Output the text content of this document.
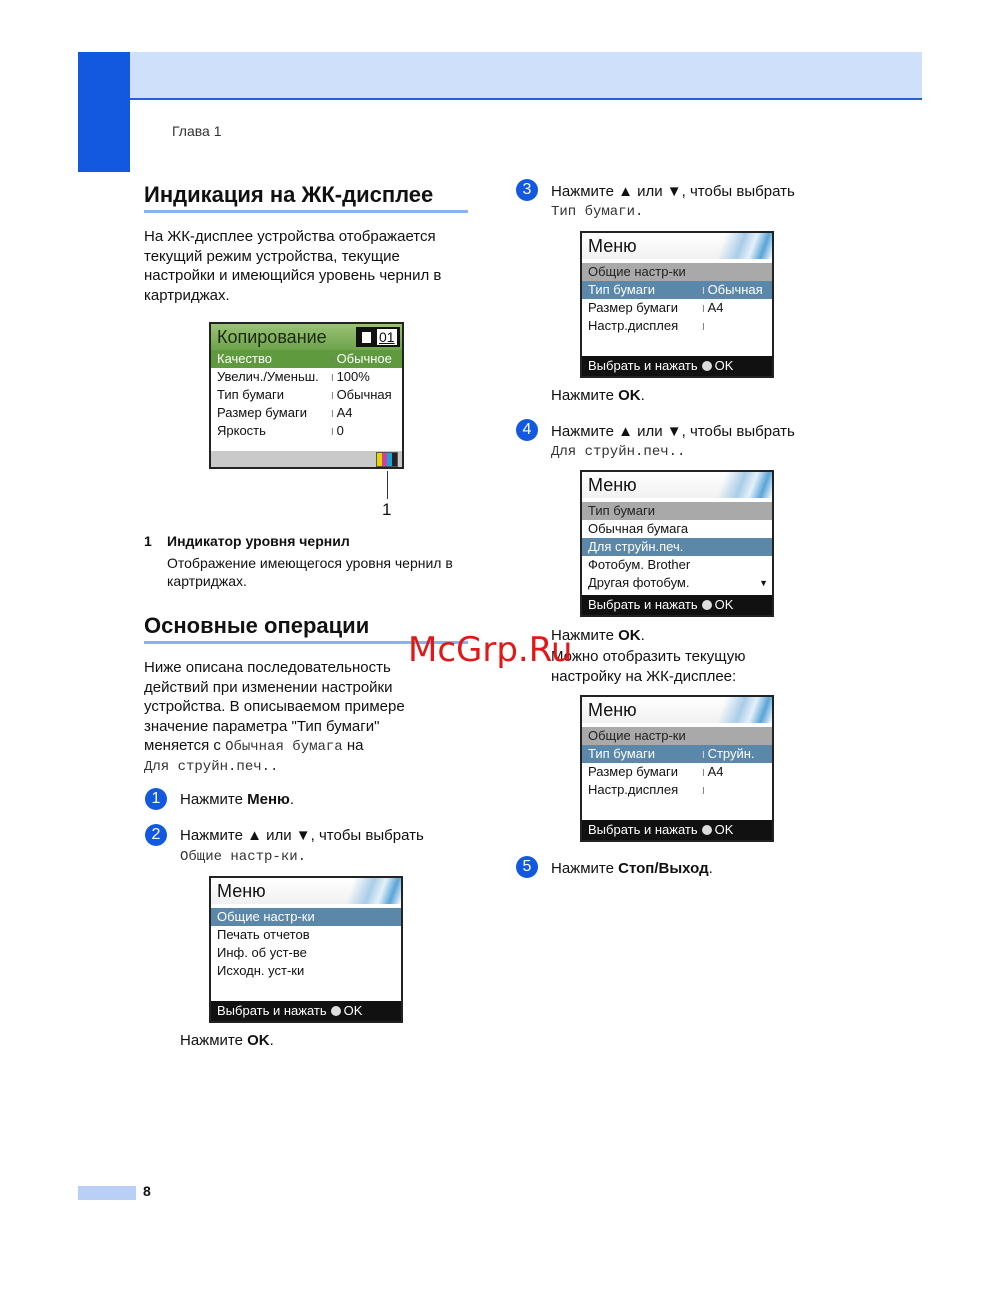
Глава 1
Индикация на ЖК-дисплее
На ЖК-дисплее устройства отображается
текущий режим устройства, текущие
настройки и имеющийся уровень чернил в
картриджах.
Копирование	01
Качество	I Обычное
Увелич./Уменьш.	I 100%
Тип бумаги	I Обычная
Размер бумаги	I A4
Яркость	I 0
1
1 Индикатор уровня чернил
Отображение имеющегося уровня чернил в
картриджах.
Основные операции
Ниже описана последовательность
действий при изменении настройки
устройства. В описываемом примере
значение параметра "Тип бумаги"
меняется с Обычная бумага на
Для струйн.печ..
1	Нажмите Меню.
2	Нажмите ▲ или ▼, чтобы выбрать
Общие настр-ки.
Меню
Общие настр-ки
Печать отчетов
Инф. об уст-ве
Исходн. уст-ки
Выбрать и нажать OK
Нажмите OK.
3	Нажмите ▲ или ▼, чтобы выбрать
Тип бумаги.
Меню
Общие настр-ки
Тип бумаги	I Обычная
Размер бумаги	I A4
Настр.дисплея
I
Выбрать и нажать OK
Нажмите OK.
4	Нажмите ▲ или ▼, чтобы выбрать
Для струйн.печ..
Меню
Тип бумаги
Обычная бумага
Для струйн.печ.
Фотобум. Brother
Другая фотобум.	▼
Выбрать и нажать OK
Нажмите OK.
Можно отобразить текущую
настройку на ЖК-дисплее:
Меню
Общие настр-ки
Тип бумаги	I Струйн.
Размер бумаги	I A4
Настр.дисплея
I
Выбрать и нажать OK
5	Нажмите Стоп/Выход.
McGrp.Ru
8
